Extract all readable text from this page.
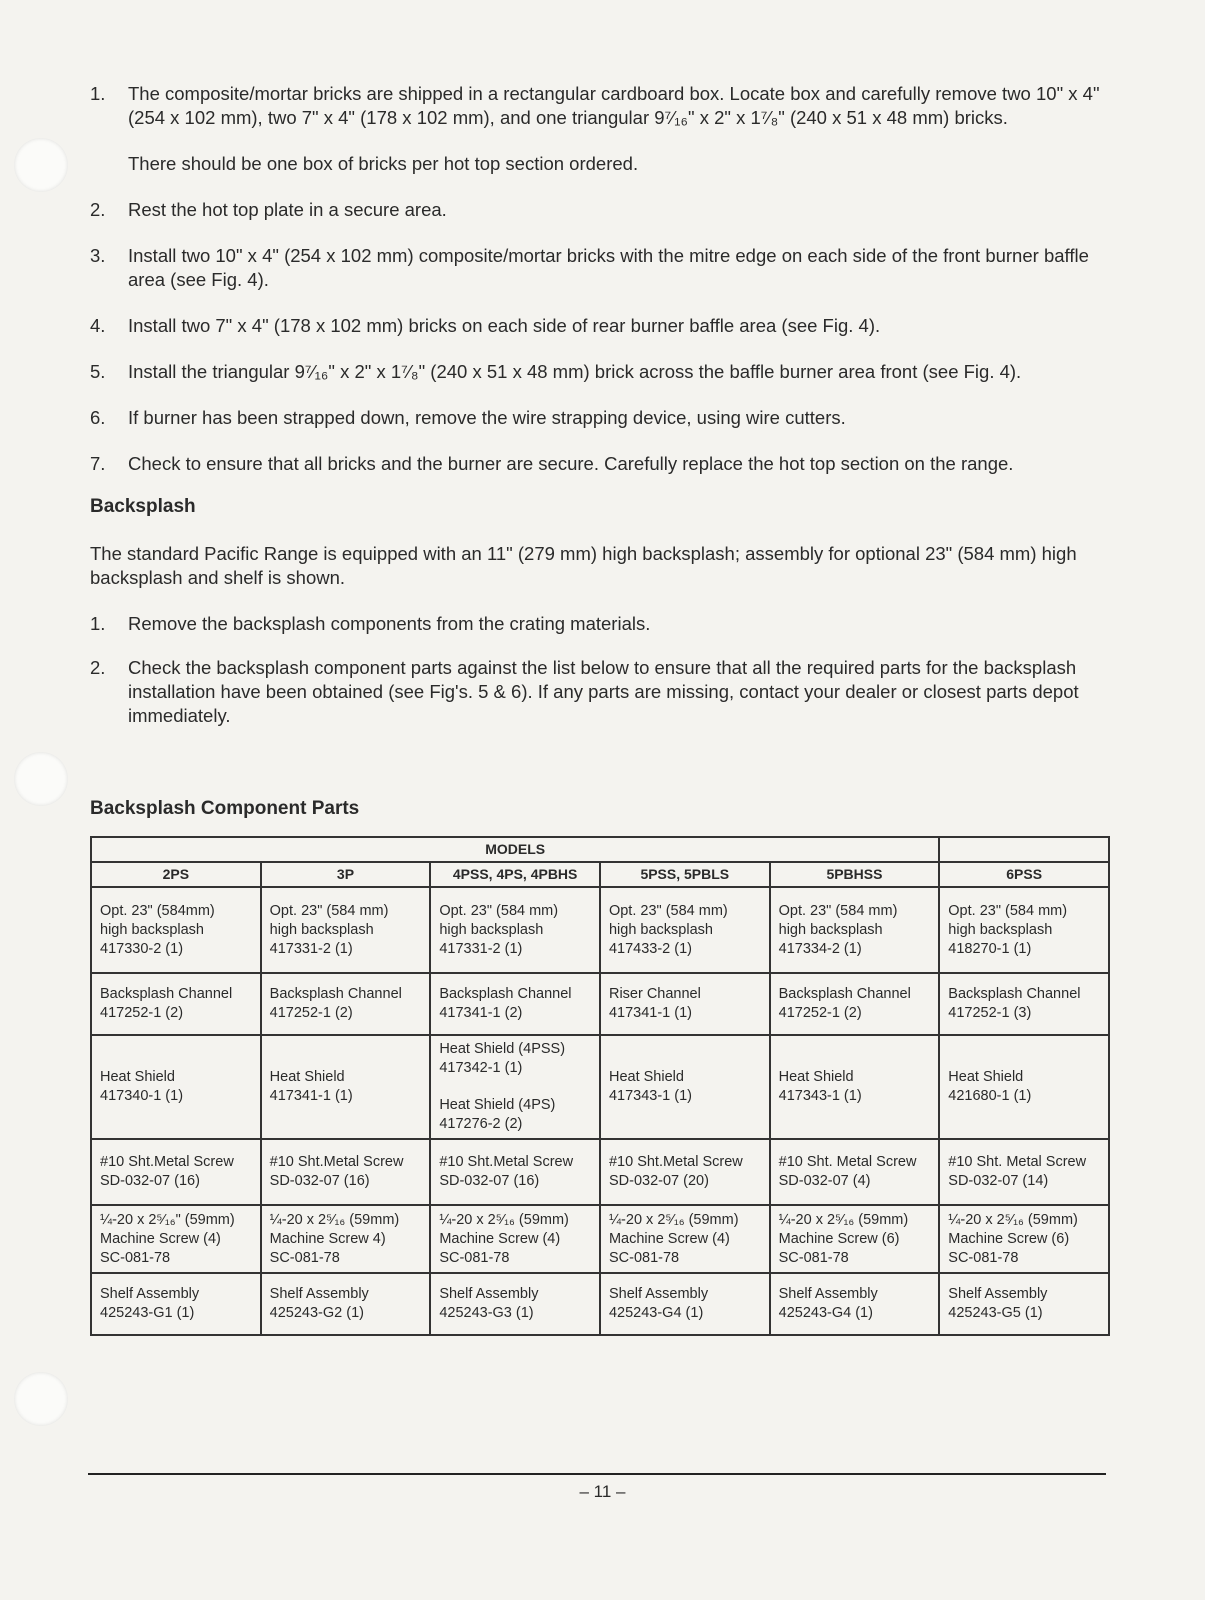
1. The composite/mortar bricks are shipped in a rectangular cardboard box. Locate box and carefully remove two 10" x 4" (254 x 102 mm), two 7" x 4" (178 x 102 mm), and one triangular 9⁷⁄₁₆" x 2" x 1⁷⁄₈" (240 x 51 x 48 mm) bricks.
There should be one box of bricks per hot top section ordered.
2. Rest the hot top plate in a secure area.
3. Install two 10" x 4" (254 x 102 mm) composite/mortar bricks with the mitre edge on each side of the front burner baffle area (see Fig. 4).
4. Install two 7" x 4" (178 x 102 mm) bricks on each side of rear burner baffle area (see Fig. 4).
5. Install the triangular 9⁷⁄₁₆" x 2" x 1⁷⁄₈" (240 x 51 x 48 mm) brick across the baffle burner area front (see Fig. 4).
6. If burner has been strapped down, remove the wire strapping device, using wire cutters.
7. Check to ensure that all bricks and the burner are secure. Carefully replace the hot top section on the range.
Backsplash

The standard Pacific Range is equipped with an 11" (279 mm) high backsplash; assembly for optional 23" (584 mm) high backsplash and shelf is shown.

1. Remove the backsplash components from the crating materials.
2. Check the backsplash component parts against the list below to ensure that all the required parts for the backsplash installation have been obtained (see Fig's. 5 & 6). If any parts are missing, contact your dealer or closest parts depot immediately.
Backsplash Component Parts
MODELS					
2PS	3P	4PSS, 4PS, 4PBHS	5PSS, 5PBLS	5PBHSS	6PSS

Opt. 23" (584mm)
high backsplash
417330-2 (1)	Opt. 23" (584 mm)
high backsplash
417331-2 (1)	Opt. 23" (584 mm)
high backsplash
417331-2 (1)	Opt. 23" (584 mm)
high backsplash
417433-2 (1)	Opt. 23" (584 mm)
high backsplash
417334-2 (1)	Opt. 23" (584 mm)
high backsplash
418270-1 (1)

Backsplash Channel
417252-1 (2)	Backsplash Channel
417252-1 (2)	Backsplash Channel
417341-1 (2)	Riser Channel
417341-1 (1)	Backsplash Channel
417252-1 (2)	Backsplash Channel
417252-1 (3)

Heat Shield
417340-1 (1)	Heat Shield
417341-1 (1)	Heat Shield (4PSS)
417342-1 (1)
Heat Shield (4PS)
417276-2 (2)	Heat Shield
417343-1 (1)	Heat Shield
417343-1 (1)	Heat Shield
421680-1 (1)

#10 Sht.Metal Screw
SD-032-07 (16)	#10 Sht.Metal Screw
SD-032-07 (16)	#10 Sht.Metal Screw
SD-032-07 (16)	#10 Sht.Metal Screw
SD-032-07 (20)	#10 Sht. Metal Screw
SD-032-07 (4)	#10 Sht. Metal Screw
SD-032-07 (14)

¼-20 x 2⁵⁄₁₆" (59mm)
Machine Screw (4)
SC-081-78	¼-20 x 2⁵⁄₁₆ (59mm)
Machine Screw 4)
SC-081-78	¼-20 x 2⁵⁄₁₆ (59mm)
Machine Screw (4)
SC-081-78	¼-20 x 2⁵⁄₁₆ (59mm)
Machine Screw (4)
SC-081-78	¼-20 x 2⁵⁄₁₆ (59mm)
Machine Screw (6)
SC-081-78	¼-20 x 2⁵⁄₁₆ (59mm)
Machine Screw (6)
SC-081-78

Shelf Assembly
425243-G1 (1)	Shelf Assembly
425243-G2 (1)	Shelf Assembly
425243-G3 (1)	Shelf Assembly
425243-G4 (1)	Shelf Assembly
425243-G4 (1)	Shelf Assembly
425243-G5 (1)
– 11 –
